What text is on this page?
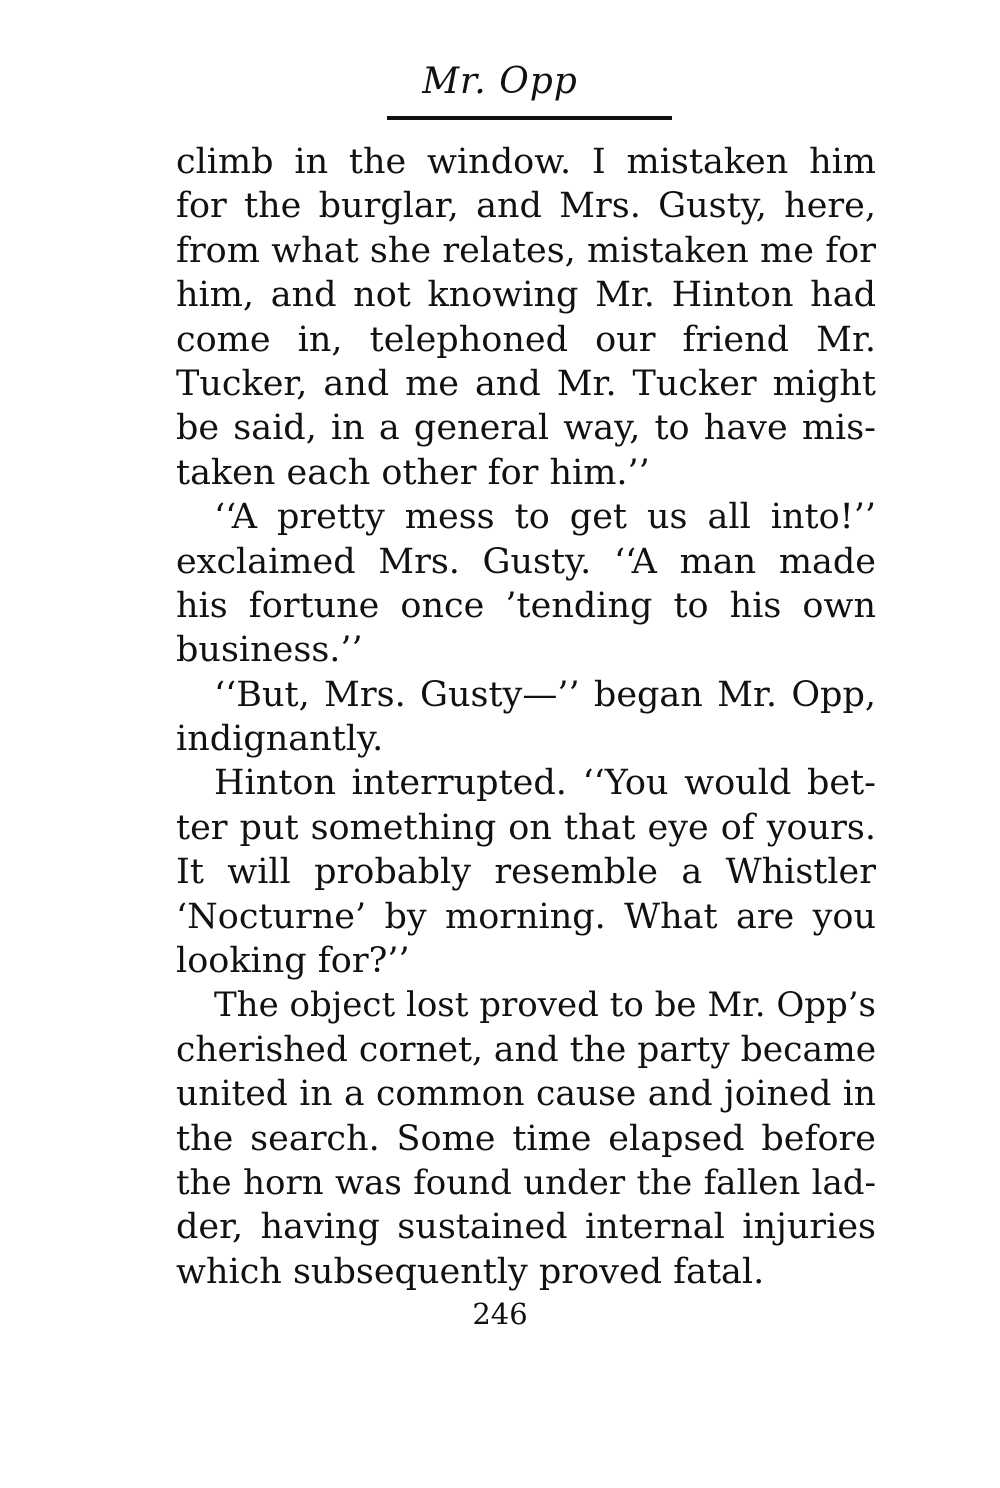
Mr. Opp
climb in the window. I mistaken him
for the burglar, and Mrs. Gusty, here,
from what she relates, mistaken me for
him, and not knowing Mr. Hinton had
come in, telephoned our friend Mr.
Tucker, and me and Mr. Tucker might
be said, in a general way, to have mis-
taken each other for him.’’
‘‘A pretty mess to get us all into!’’
exclaimed Mrs. Gusty. ‘‘A man made
his fortune once ’tending to his own
business.’’
‘‘But, Mrs. Gusty—’’ began Mr. Opp,
indignantly.
Hinton interrupted. ‘‘You would bet-
ter put something on that eye of yours.
It will probably resemble a Whistler
‘Nocturne’ by morning. What are you
looking for?’’
The object lost proved to be Mr. Opp’s
cherished cornet, and the party became
united in a common cause and joined in
the search. Some time elapsed before
the horn was found under the fallen lad-
der, having sustained internal injuries
which subsequently proved fatal.
246
